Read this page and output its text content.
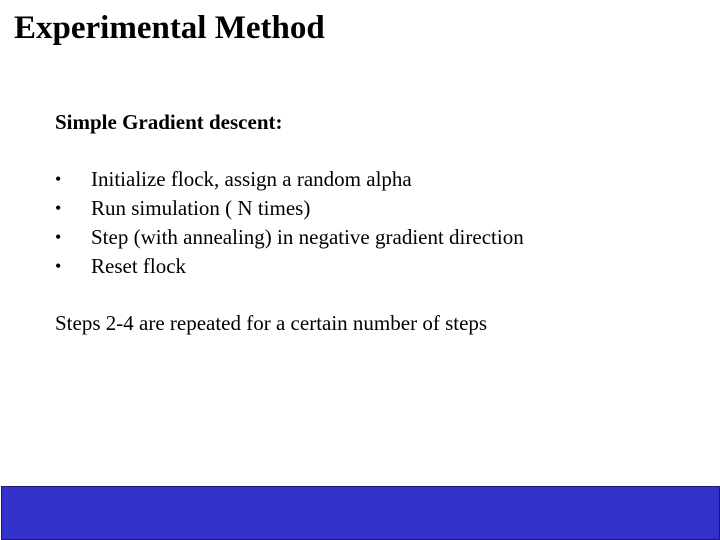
Experimental Method
Simple Gradient descent:
•	Initialize flock, assign a random alpha
•	Run simulation ( N times)
•	Step (with annealing) in negative gradient direction
•	Reset flock
Steps 2-4 are repeated for a certain number of steps
